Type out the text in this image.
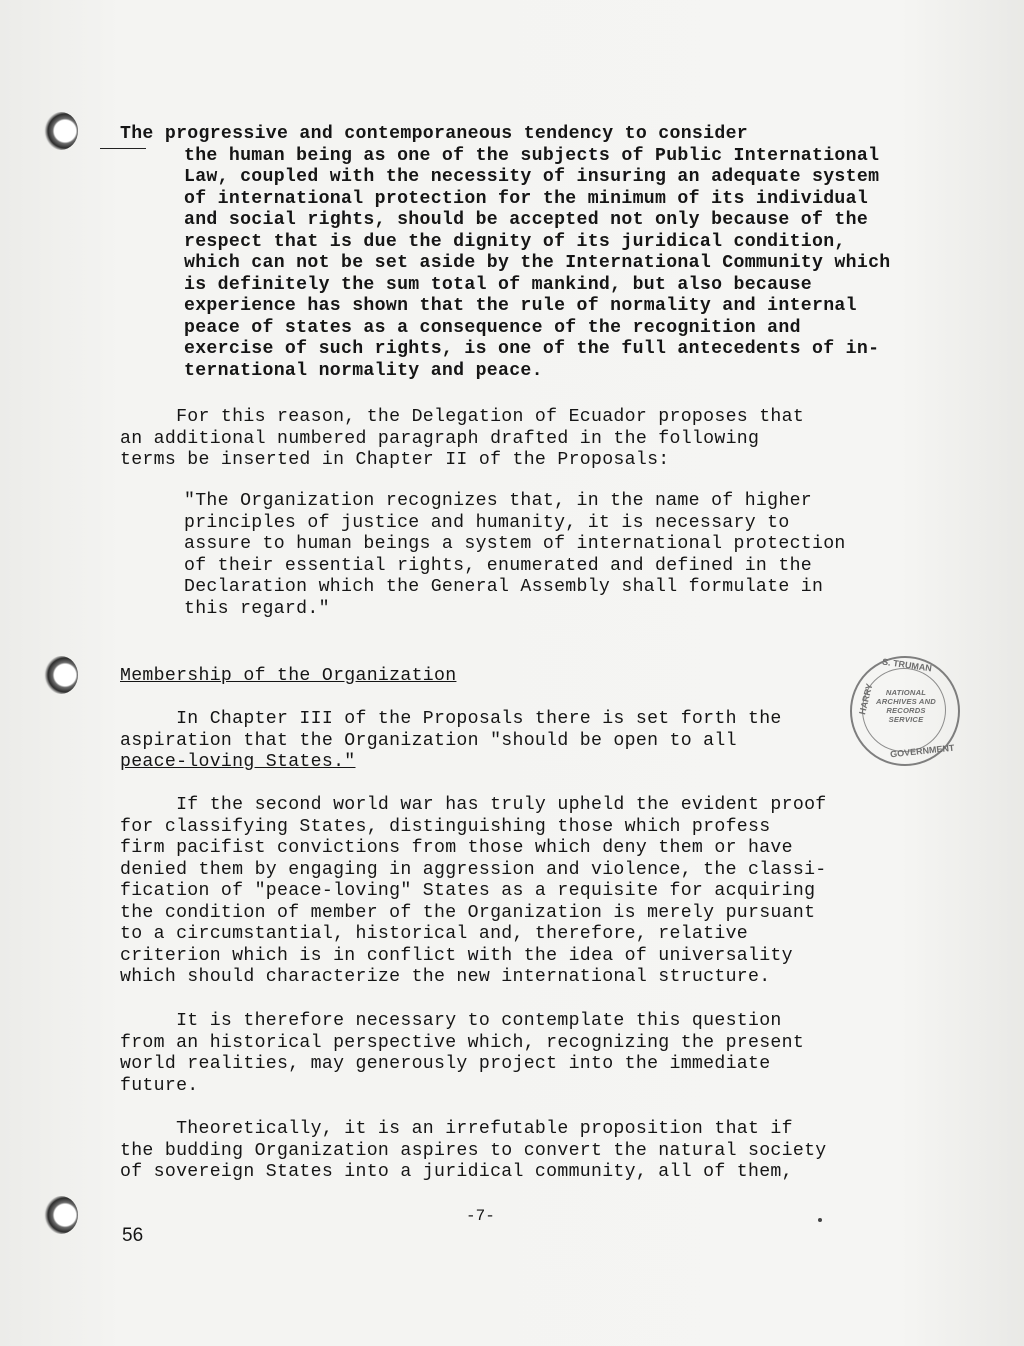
The progressive and contemporaneous tendency to consider
the human being as one of the subjects of Public International
Law, coupled with the necessity of insuring an adequate system
of international protection for the minimum of its individual
and social rights, should be accepted not only because of the
respect that is due the dignity of its juridical condition,
which can not be set aside by the International Community which
is definitely the sum total of mankind, but also because
experience has shown that the rule of normality and internal
peace of states as a consequence of the recognition and
exercise of such rights, is one of the full antecedents of in-
ternational normality and peace.

For this reason, the Delegation of Ecuador proposes that
an additional numbered paragraph drafted in the following
terms be inserted in Chapter II of the Proposals:

"The Organization recognizes that, in the name of higher
principles of justice and humanity, it is necessary to
assure to human beings a system of international protection
of their essential rights, enumerated and defined in the
Declaration which the General Assembly shall formulate in
this regard."

Membership of the Organization
In Chapter III of the Proposals there is set forth the
aspiration that the Organization "should be open to all
peace-loving States."

If the second world war has truly upheld the evident proof
for classifying States, distinguishing those which profess
firm pacifist convictions from those which deny them or have
denied them by engaging in aggression and violence, the classi-
fication of "peace-loving" States as a requisite for acquiring
the condition of member of the Organization is merely pursuant
to a circumstantial, historical and, therefore, relative
criterion which is in conflict with the idea of universality
which should characterize the new international structure.

It is therefore necessary to contemplate this question
from an historical perspective which, recognizing the present
world realities, may generously project into the immediate
future.

Theoretically, it is an irrefutable proposition that if
the budding Organization aspires to convert the natural society
of sovereign States into a juridical community, all of them,

S. TRUMAN
HARRY	NATIONAL
ARCHIVES AND
RECORDS
SERVICE
GOVERNMENT
-7-
56
